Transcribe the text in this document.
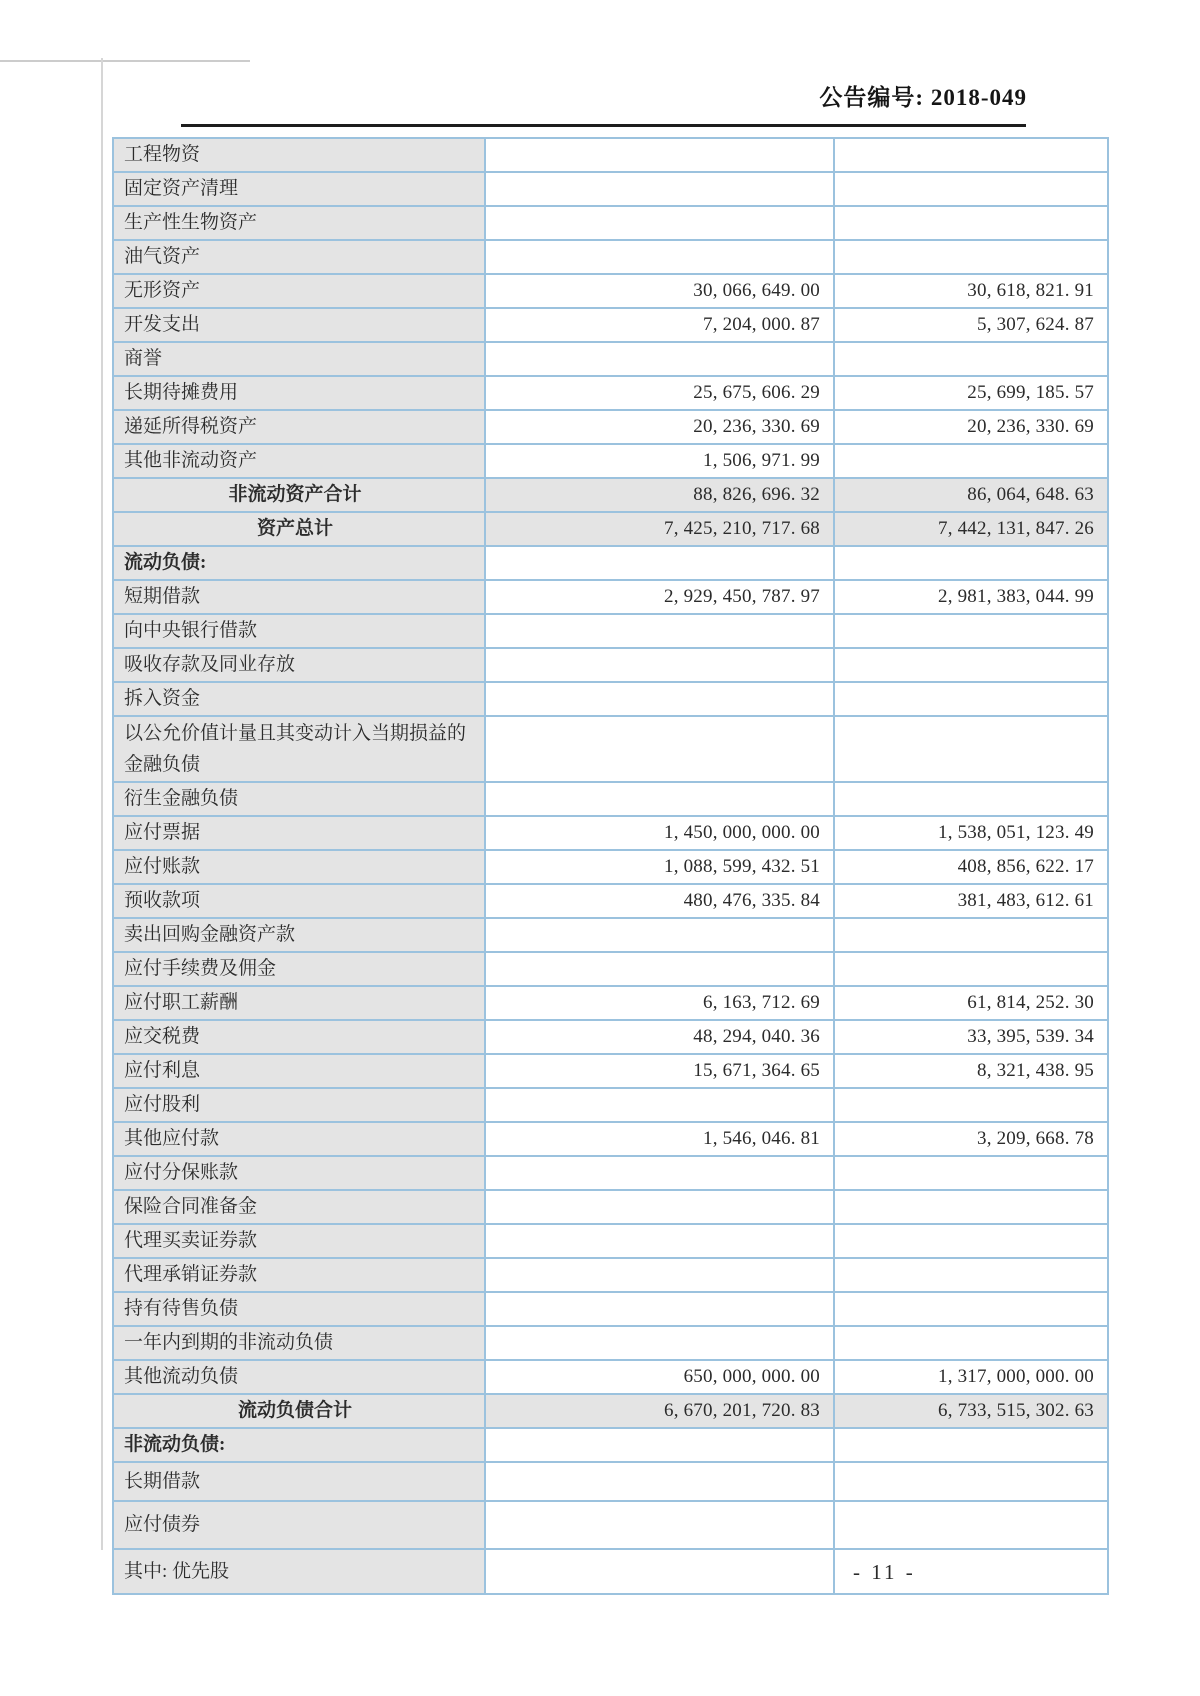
公告编号: 2018-049
工程物资		
固定资产清理		
生产性生物资产		
油气资产		
无形资产	30, 066, 649. 00	30, 618, 821. 91
开发支出	7, 204, 000. 87	5, 307, 624. 87
商誉		
长期待摊费用	25, 675, 606. 29	25, 699, 185. 57
递延所得税资产	20, 236, 330. 69	20, 236, 330. 69
其他非流动资产	1, 506, 971. 99	
非流动资产合计	88, 826, 696. 32	86, 064, 648. 63
资产总计	7, 425, 210, 717. 68	7, 442, 131, 847. 26
流动负债:		
短期借款	2, 929, 450, 787. 97	2, 981, 383, 044. 99
向中央银行借款		
吸收存款及同业存放		
拆入资金		
以公允价值计量且其变动计入当期损益的金融负债		
衍生金融负债		
应付票据	1, 450, 000, 000. 00	1, 538, 051, 123. 49
应付账款	1, 088, 599, 432. 51	408, 856, 622. 17
预收款项	480, 476, 335. 84	381, 483, 612. 61
卖出回购金融资产款		
应付手续费及佣金		
应付职工薪酬	6, 163, 712. 69	61, 814, 252. 30
应交税费	48, 294, 040. 36	33, 395, 539. 34
应付利息	15, 671, 364. 65	8, 321, 438. 95
应付股利		
其他应付款	1, 546, 046. 81	3, 209, 668. 78
应付分保账款		
保险合同准备金		
代理买卖证券款		
代理承销证券款		
持有待售负债		
一年内到期的非流动负债		
其他流动负债	650, 000, 000. 00	1, 317, 000, 000. 00
流动负债合计	6, 670, 201, 720. 83	6, 733, 515, 302. 63
非流动负债:		
长期借款		
应付债券		
其中: 优先股			- 11 -
